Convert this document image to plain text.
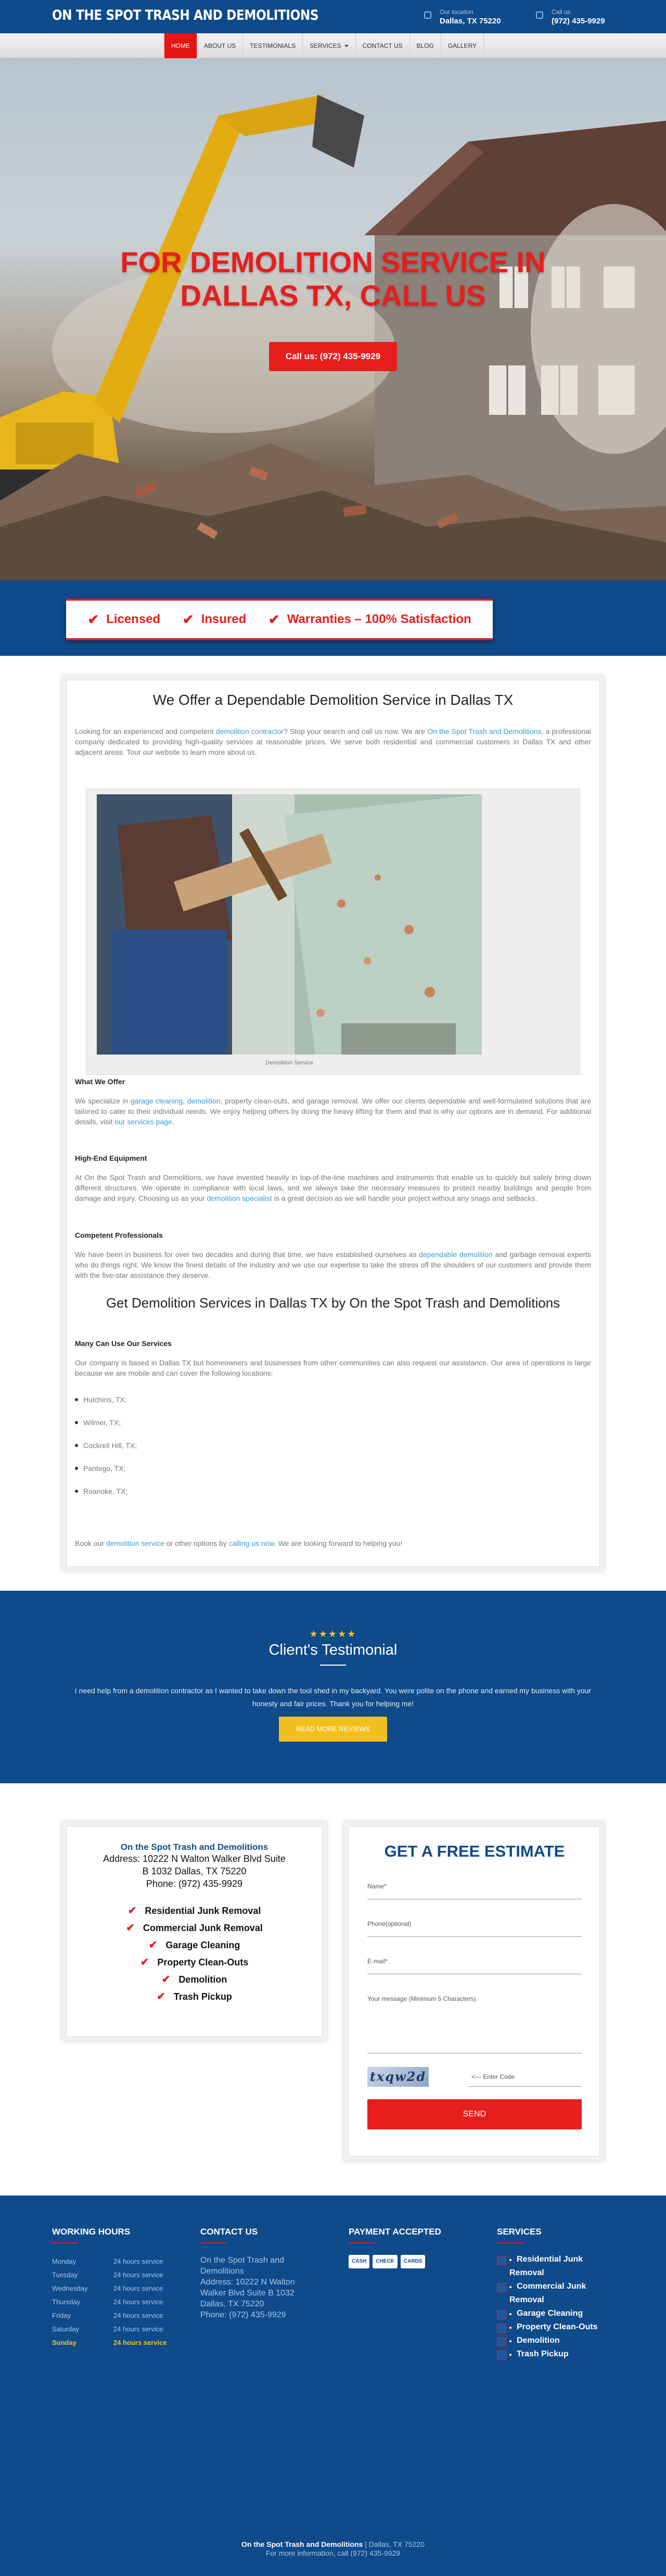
ON THE SPOT TRASH AND DEMOLITIONS	Our location
Dallas, TX 75220
Call us
(972) 435-9929
HOME	ABOUT US	TESTIMONIALS	SERVICES	CONTACT US	BLOG	GALLERY
FOR DEMOLITION SERVICE IN DALLAS TX, CALL US
Call us: (972) 435-9929
✔ Licensed ✔ Insured ✔ Warranties – 100% Satisfaction
We Offer a Dependable Demolition Service in Dallas TX

Looking for an experienced and competent demolition contractor? Stop your search and call us now. We are On the Spot Trash and Demolitions, a professional company dedicated to providing high-quality services at reasonable prices. We serve both residential and commercial customers in Dallas TX and other adjacent areas. Tour our website to learn more about us.

Demolition Service
What We Offer

We specialize in garage cleaning, demolition, property clean-outs, and garage removal. We offer our clients dependable and well-formulated solutions that are tailored to cater to their individual needs. We enjoy helping others by doing the heavy lifting for them and that is why our options are in demand. For additional details, visit our services page.

High-End Equipment

At On the Spot Trash and Demolitions, we have invested heavily in top-of-the-line machines and instruments that enable us to quickly but safely bring down different structures. We operate in compliance with local laws, and we always take the necessary measures to protect nearby buildings and people from damage and injury. Choosing us as your demolition specialist is a great decision as we will handle your project without any snags and setbacks.

Competent Professionals

We have been in business for over two decades and during that time, we have established ourselves as dependable demolition and garbage removal experts who do things right. We know the finest details of the industry and we use our expertise to take the stress off the shoulders of our customers and provide them with the five-star assistance they deserve.

Get Demolition Services in Dallas TX by On the Spot Trash and Demolitions
Many Can Use Our Services

Our company is based in Dallas TX but homeowners and businesses from other communities can also request our assistance. Our area of operations is large because we are mobile and can cover the following locations:

Hutchins, TX;
Wilmer, TX;
Cockrell Hill, TX;
Pantego, TX;
Roanoke, TX;

Book our demolition service or other options by calling us now. We are looking forward to helping you!

★★★★★
Client's Testimonial
I need help from a demolition contractor as I wanted to take down the tool shed in my backyard. You were polite on the phone and earned my business with your honesty and fair prices. Thank you for helping me!
READ MORE REVIEWS
On the Spot Trash and Demolitions
Address: 10222 N Walton Walker Blvd Suite
B 1032 Dallas, TX 75220
Phone: (972) 435-9929
✔ Residential Junk Removal
✔ Commercial Junk Removal
✔ Garage Cleaning
✔ Property Clean-Outs
✔ Demolition
✔ Trash Pickup
GET A FREE ESTIMATE
Name*
Phone(optional)
E-mail*
Your message (Minimum 5 Characters).
txqw2d	<--- Enter Code
SEND
WORKING HOURS
Monday	24 hours service
Tuesday	24 hours service
Wednesday	24 hours service
Thursday	24 hours service
Friday	24 hours service
Saturday	24 hours service
Sunday	24 hours service
CONTACT US
On the Spot Trash and Demolitions
Address: 10222 N Walton Walker Blvd Suite B 1032 Dallas, TX 75220
Phone: (972) 435-9929
PAYMENT ACCEPTED
CASH	CHECK	CARDS
SERVICES
Residential Junk Removal
Commercial Junk Removal
Garage Cleaning
Property Clean-Outs
Demolition
Trash Pickup
On the Spot Trash and Demolitions | Dallas, TX 75220
For more information, call (972) 435-9929
